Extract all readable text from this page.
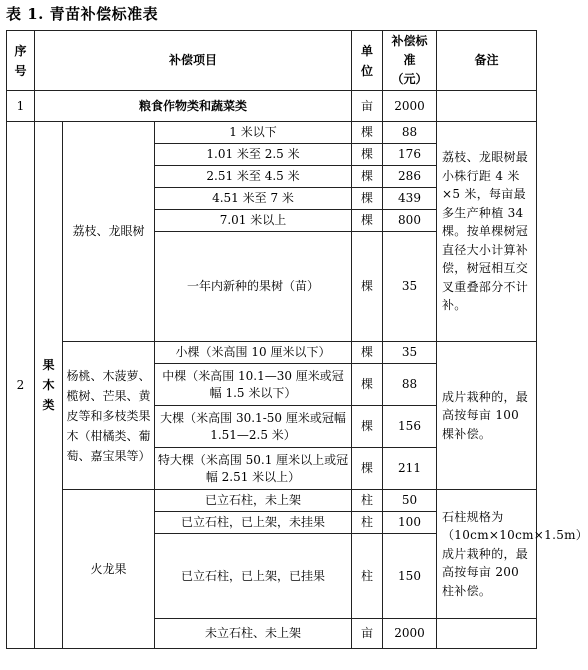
表 1. 青苗补偿标准表
序号	补偿项目			单位	补偿标准（元）	备注
1	粮食作物类和蔬菜类			亩	2000	
2	果木类	荔枝、龙眼树	1 米以下	棵	88	荔枝、龙眼树最小株行距 4 米×5 米，每亩最多生产种植 34 棵。按单棵树冠直径大小计算补偿，树冠相互交叉重叠部分不计补。
			1.01 米至 2.5 米	棵	176	
			2.51 米至 4.5 米	棵	286	
			4.51 米至 7 米	棵	439	
			7.01 米以上	棵	800	
			一年内新种的果树（苗）	棵	35	

		杨桃、木菠萝、榄树、芒果、黄皮等和多枝类果木（柑橘类、葡萄、嘉宝果等）	小棵（米高围 10 厘米以下）	棵	35	成片栽种的，最高按每亩 100 棵补偿。
			中棵（米高围 10.1—30 厘米或冠幅 1.5 米以下）	棵	88	
			大棵（米高围 30.1-50 厘米或冠幅 1.51—2.5 米）	棵	156	
			特大棵（米高围 50.1 厘米以上或冠幅 2.51 米以上）	棵	211	
		火龙果	已立石柱，未上架	柱	50	石柱规格为（10cm×10cm×1.5m）成片栽种的，最高按每亩 200 柱补偿。
			已立石柱，已上架，未挂果	柱	100	
			已立石柱，已上架，已挂果	柱	150	
			未立石柱、未上架	亩	2000	
